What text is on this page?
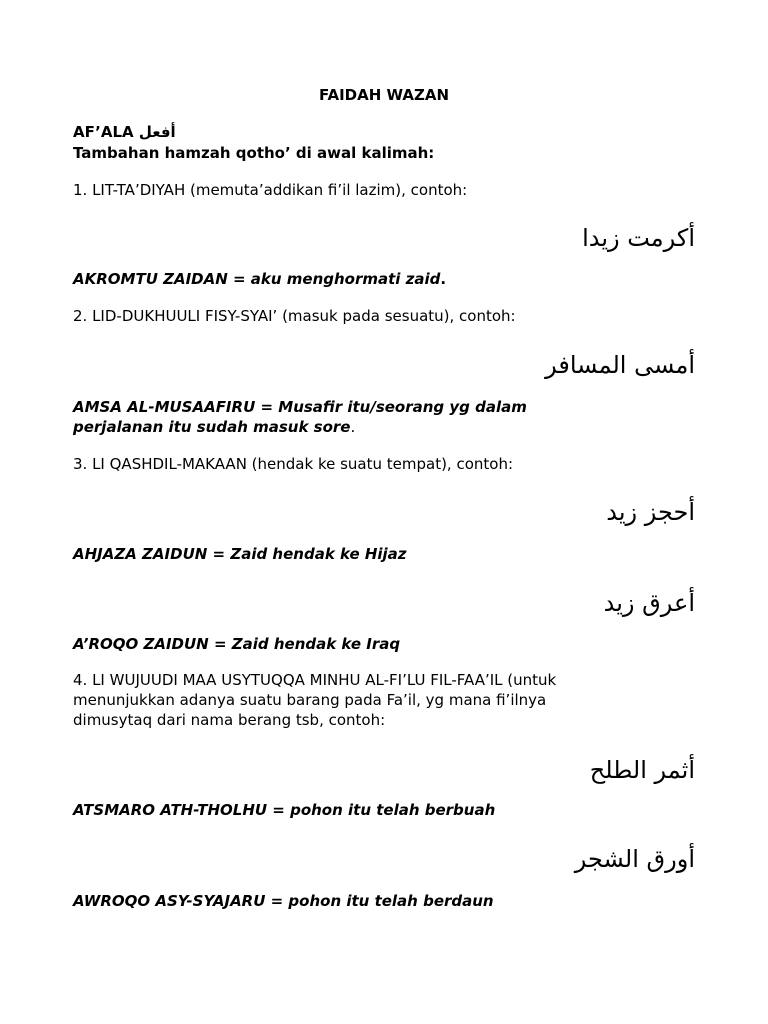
FAIDAH WAZAN
AF’ALA أفعل
Tambahan hamzah qotho’ di awal kalimah:
1. LIT-TA’DIYAH (memuta’addikan fi’il lazim), contoh:
أكرمت زيدا
AKROMTU ZAIDAN = aku menghormati zaid.
2. LID-DUKHUULI FISY-SYAI’ (masuk pada sesuatu), contoh:
أمسى المسافر
AMSA AL-MUSAAFIRU = Musafir itu/seorang yg dalam
perjalanan itu sudah masuk sore.
3. LI QASHDIL-MAKAAN (hendak ke suatu tempat), contoh:
أحجز زيد
AHJAZA ZAIDUN = Zaid hendak ke Hijaz
أعرق زيد
A’ROQO ZAIDUN = Zaid hendak ke Iraq
4. LI WUJUUDI MAA USYTUQQA MINHU AL-FI’LU FIL-FAA’IL (untuk
menunjukkan adanya suatu barang pada Fa’il, yg mana fi’ilnya
dimusytaq dari nama berang tsb, contoh:
أثمر الطلح
ATSMARO ATH-THOLHU = pohon itu telah berbuah
أورق الشجر
AWROQO ASY-SYAJARU = pohon itu telah berdaun
